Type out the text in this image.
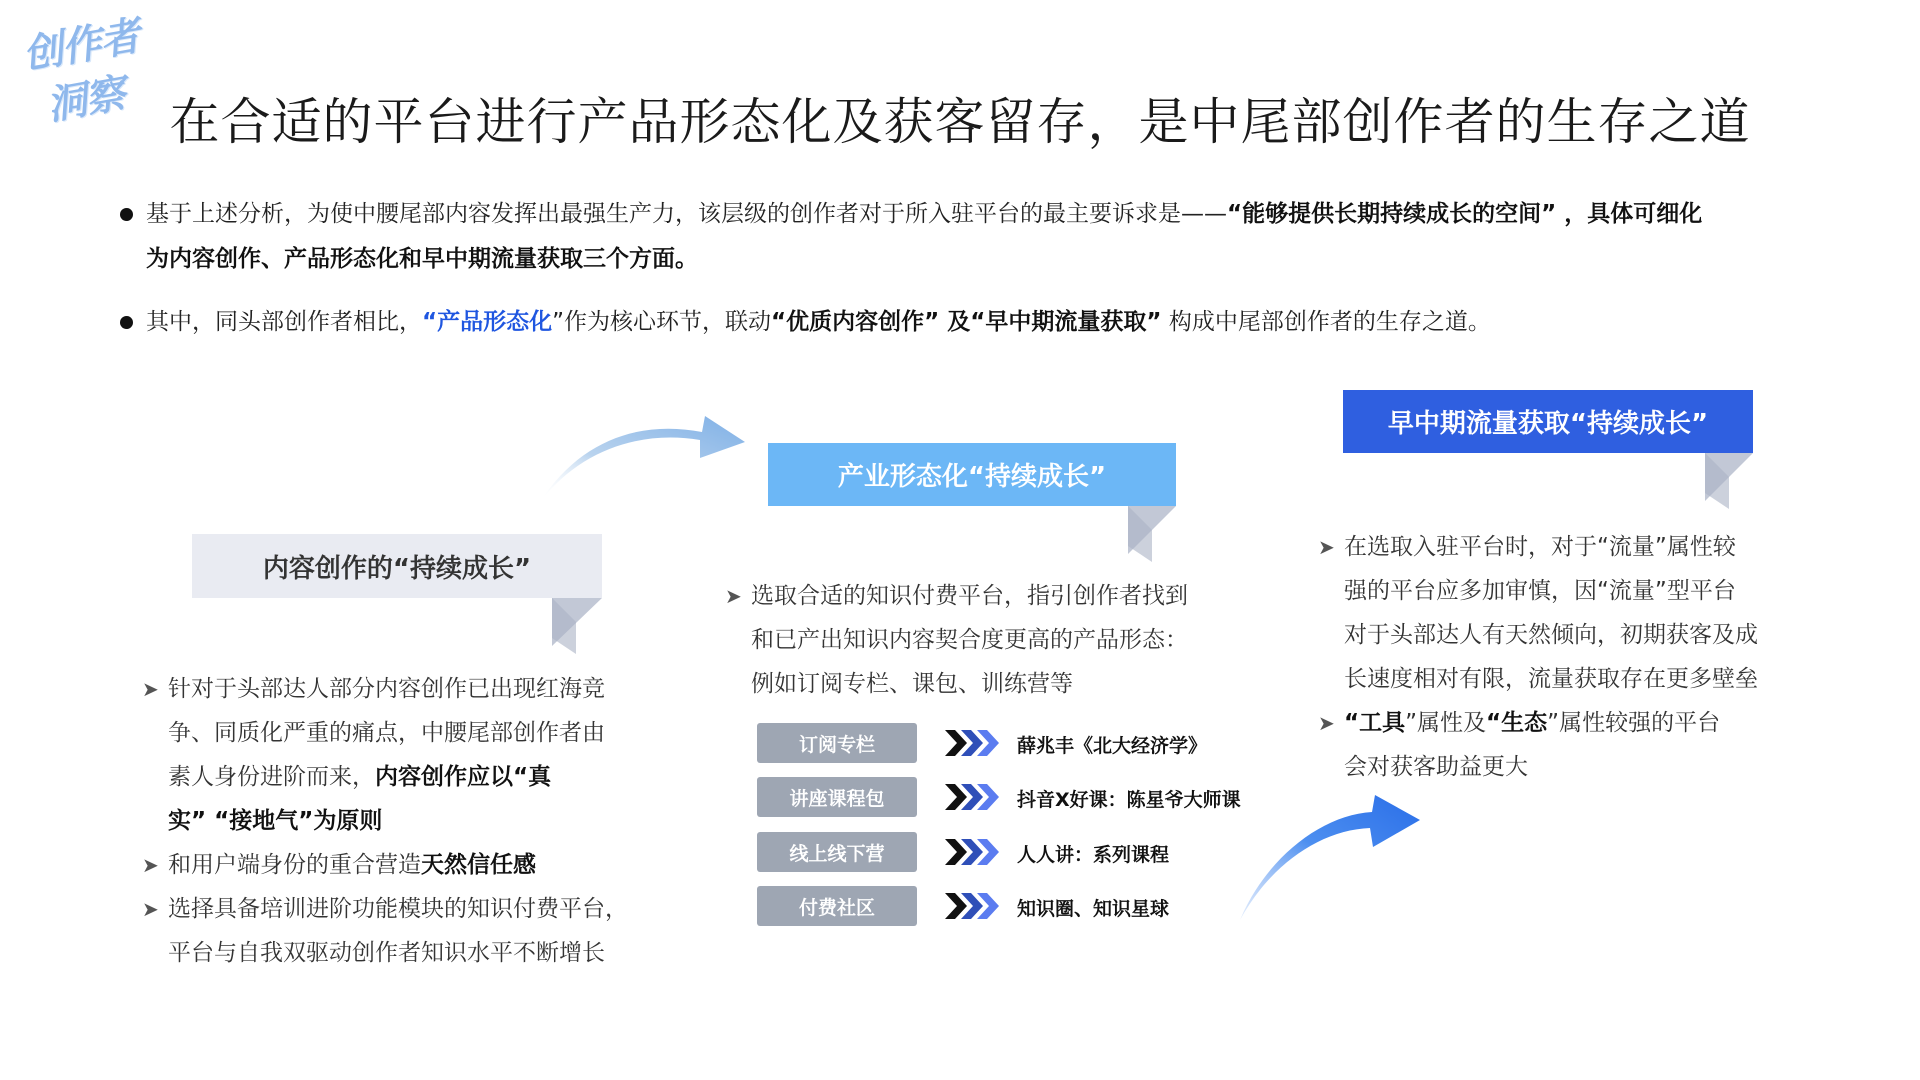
创作者
洞察 在合适的平台进行产品形态化及获客留存，是中尾部创作者的生存之道
基于上述分析，为使中腰尾部内容发挥出最强生产力，该层级的创作者对于所入驻平台的最主要诉求是——“能够提供长期持续成长的空间” ，具体可细化
为内容创作、产品形态化和早中期流量获取三个方面。
其中，同头部创作者相比，“产品形态化”作为核心环节，联动“优质内容创作” 及“早中期流量获取” 构成中尾部创作者的生存之道。
内容创作的“持续成长”
➤ 针对于头部达人部分内容创作已出现红海竞
争、同质化严重的痛点，中腰尾部创作者由
素人身份进阶而来，内容创作应以“真
实” “接地气”为原则
➤ 和用户端身份的重合营造天然信任感
➤ 选择具备培训进阶功能模块的知识付费平台，
平台与自我双驱动创作者知识水平不断增长
产业形态化“持续成长”
➤ 选取合适的知识付费平台，指引创作者找到
和已产出知识内容契合度更高的产品形态：
例如订阅专栏、课包、训练营等
订阅专栏
讲座课程包
线上线下营
付费社区
薛兆丰《北大经济学》
抖音X好课：陈星爷大师课
人人讲：系列课程
知识圈、知识星球
早中期流量获取“持续成长”
➤ 在选取入驻平台时，对于“流量”属性较
强的平台应多加审慎，因“流量”型平台
对于头部达人有天然倾向，初期获客及成
长速度相对有限，流量获取存在更多壁垒
➤ “工具”属性及“生态”属性较强的平台
会对获客助益更大
